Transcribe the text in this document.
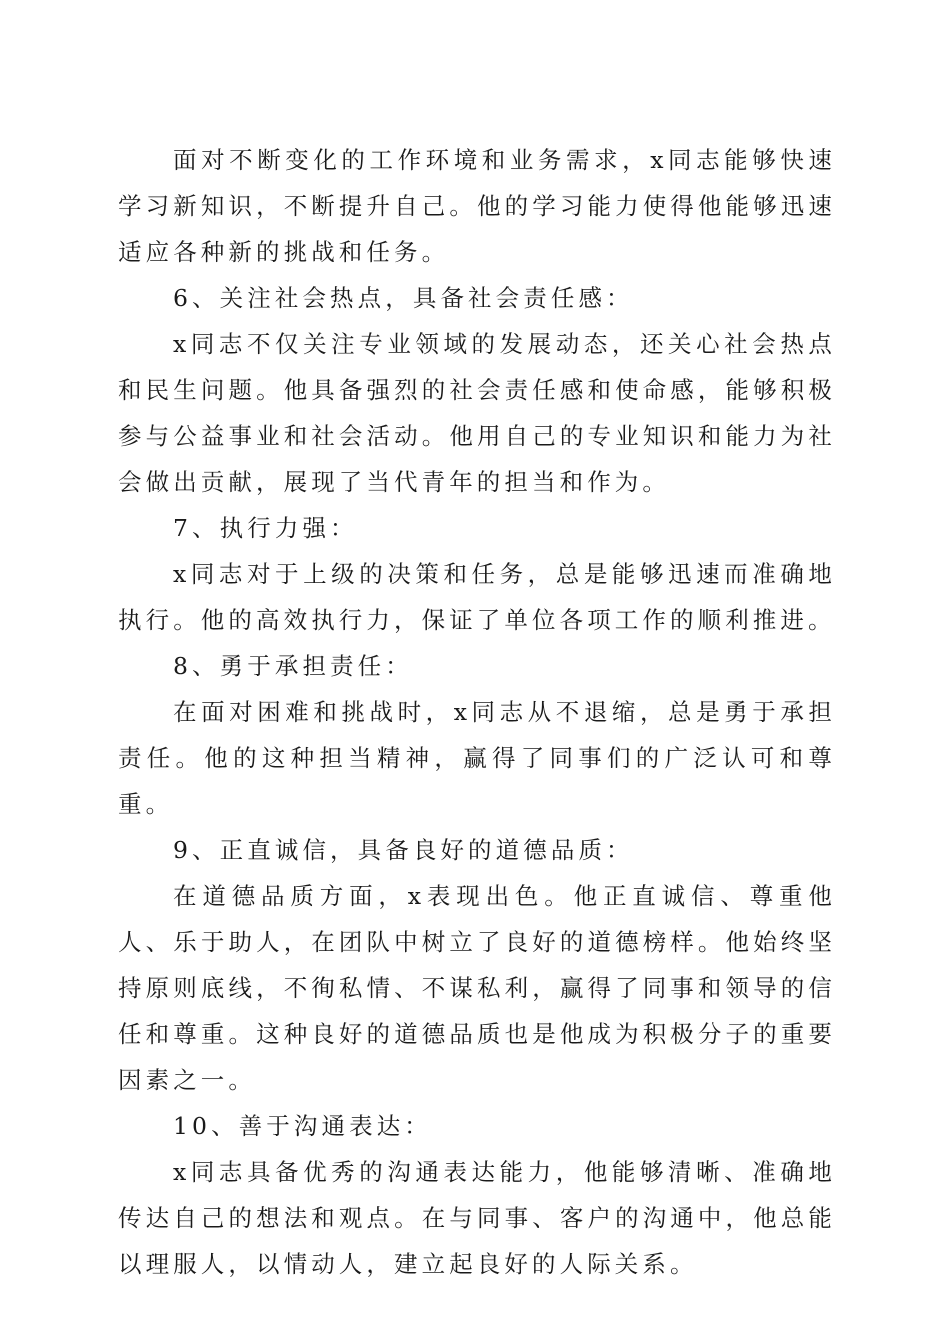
面对不断变化的工作环境和业务需求，x同志能够快速学习新知识，不断提升自己。他的学习能力使得他能够迅速适应各种新的挑战和任务。

6、关注社会热点，具备社会责任感：

x同志不仅关注专业领域的发展动态，还关心社会热点和民生问题。他具备强烈的社会责任感和使命感，能够积极参与公益事业和社会活动。他用自己的专业知识和能力为社会做出贡献，展现了当代青年的担当和作为。

7、执行力强：

x同志对于上级的决策和任务，总是能够迅速而准确地执行。他的高效执行力，保证了单位各项工作的顺利推进。

8、勇于承担责任：

在面对困难和挑战时，x同志从不退缩，总是勇于承担责任。他的这种担当精神，赢得了同事们的广泛认可和尊重。

9、正直诚信，具备良好的道德品质：

在道德品质方面，x表现出色。他正直诚信、尊重他人、乐于助人，在团队中树立了良好的道德榜样。他始终坚持原则底线，不徇私情、不谋私利，赢得了同事和领导的信任和尊重。这种良好的道德品质也是他成为积极分子的重要因素之一。

10、善于沟通表达：

x同志具备优秀的沟通表达能力，他能够清晰、准确地传达自己的想法和观点。在与同事、客户的沟通中，他总能以理服人，以情动人，建立起良好的人际关系。
